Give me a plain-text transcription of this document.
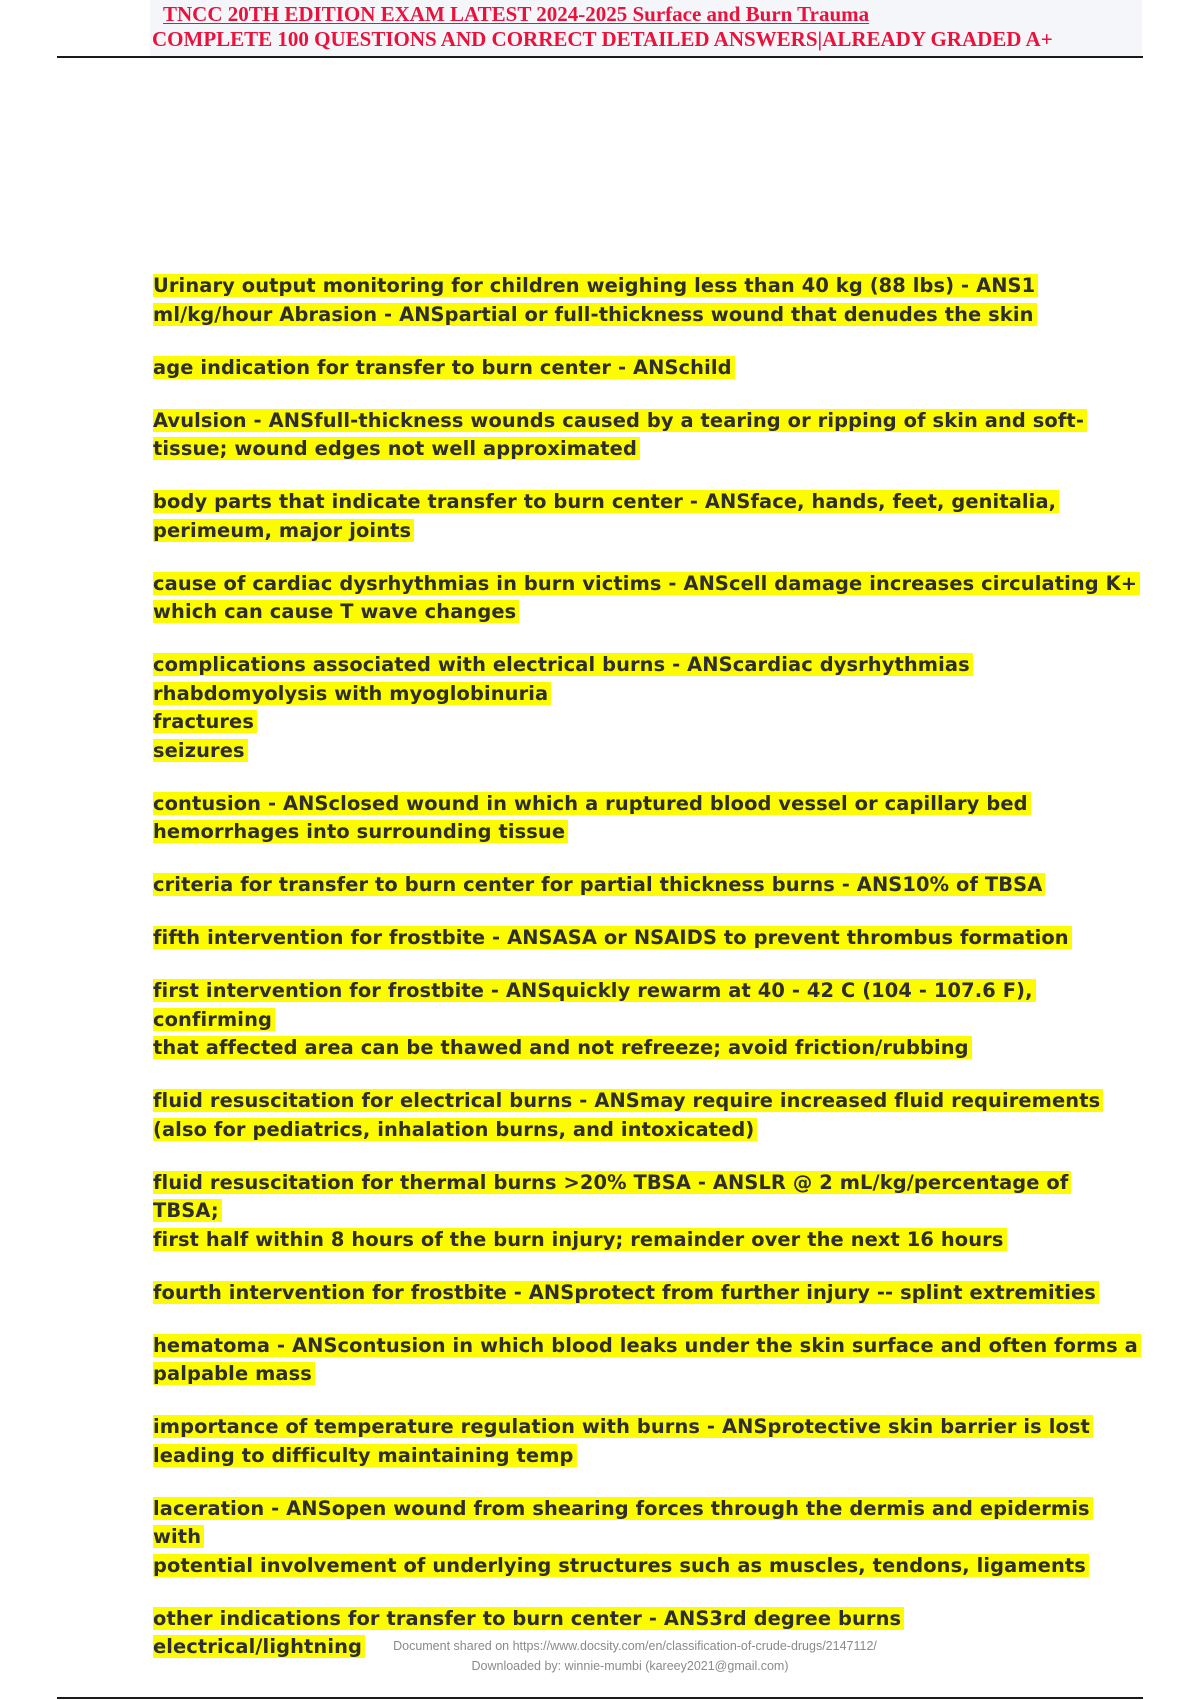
TNCC 20TH EDITION EXAM LATEST 2024-2025 Surface and Burn Trauma
COMPLETE 100 QUESTIONS AND CORRECT DETAILED ANSWERS|ALREADY GRADED A+
Urinary output monitoring for children weighing less than 40 kg (88 lbs) - ANS1
ml/kg/hour Abrasion - ANSpartial or full-thickness wound that denudes the skin
age indication for transfer to burn center - ANSchild
Avulsion - ANSfull-thickness wounds caused by a tearing or ripping of skin and soft-
tissue; wound edges not well approximated
body parts that indicate transfer to burn center - ANSface, hands, feet, genitalia,
perimeum, major joints
cause of cardiac dysrhythmias in burn victims - ANScell damage increases circulating K+
which can cause T wave changes
complications associated with electrical burns - ANScardiac dysrhythmias
rhabdomyolysis with myoglobinuria
fractures
seizures
contusion - ANSclosed wound in which a ruptured blood vessel or capillary bed
hemorrhages into surrounding tissue
criteria for transfer to burn center for partial thickness burns - ANS10% of TBSA
fifth intervention for frostbite - ANSASA or NSAIDS to prevent thrombus formation
first intervention for frostbite - ANSquickly rewarm at 40 - 42 C (104 - 107.6 F), confirming
that affected area can be thawed and not refreeze; avoid friction/rubbing
fluid resuscitation for electrical burns - ANSmay require increased fluid requirements
(also for pediatrics, inhalation burns, and intoxicated)
fluid resuscitation for thermal burns >20% TBSA - ANSLR @ 2 mL/kg/percentage of TBSA;
first half within 8 hours of the burn injury; remainder over the next 16 hours
fourth intervention for frostbite - ANSprotect from further injury -- splint extremities
hematoma - ANScontusion in which blood leaks under the skin surface and often forms a
palpable mass
importance of temperature regulation with burns - ANSprotective skin barrier is lost
leading to difficulty maintaining temp
laceration - ANSopen wound from shearing forces through the dermis and epidermis with
potential involvement of underlying structures such as muscles, tendons, ligaments
other indications for transfer to burn center - ANS3rd degree burns
electrical/lightning	Document shared on https://www.docsity.com/en/classification-of-crude-drugs/2147112/
Downloaded by: winnie-mumbi (kareey2021@gmail.com)
